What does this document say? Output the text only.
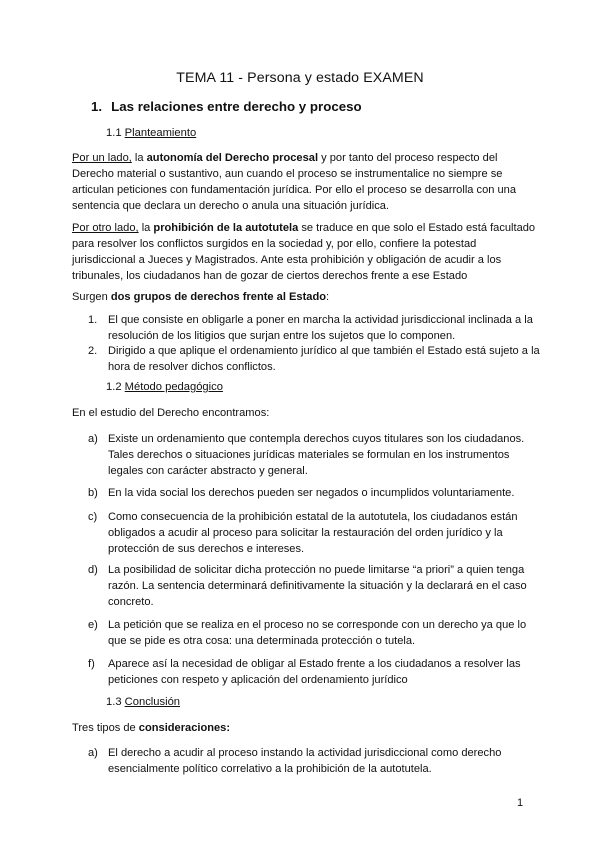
TEMA 11 - Persona y estado EXAMEN
1. Las relaciones entre derecho y proceso
1.1 Planteamiento
Por un lado, la autonomía del Derecho procesal y por tanto del proceso respecto del Derecho material o sustantivo, aun cuando el proceso se instrumentalice no siempre se articulan peticiones con fundamentación jurídica. Por ello el proceso se desarrolla con una sentencia que declara un derecho o anula una situación jurídica.
Por otro lado, la prohibición de la autotutela se traduce en que solo el Estado está facultado para resolver los conflictos surgidos en la sociedad y, por ello, confiere la potestad jurisdiccional a Jueces y Magistrados. Ante esta prohibición y obligación de acudir a los tribunales, los ciudadanos han de gozar de ciertos derechos frente a ese Estado
Surgen dos grupos de derechos frente al Estado:
1. El que consiste en obligarle a poner en marcha la actividad jurisdiccional inclinada a la resolución de los litigios que surjan entre los sujetos que lo componen.
2. Dirigido a que aplique el ordenamiento jurídico al que también el Estado está sujeto a la hora de resolver dichos conflictos.
1.2 Método pedagógico
En el estudio del Derecho encontramos:
a) Existe un ordenamiento que contempla derechos cuyos titulares son los ciudadanos. Tales derechos o situaciones jurídicas materiales se formulan en los instrumentos legales con carácter abstracto y general.
b) En la vida social los derechos pueden ser negados o incumplidos voluntariamente.
c) Como consecuencia de la prohibición estatal de la autotutela, los ciudadanos están obligados a acudir al proceso para solicitar la restauración del orden jurídico y la protección de sus derechos e intereses.
d) La posibilidad de solicitar dicha protección no puede limitarse “a priori” a quien tenga razón. La sentencia determinará definitivamente la situación y la declarará en el caso concreto.
e) La petición que se realiza en el proceso no se corresponde con un derecho ya que lo que se pide es otra cosa: una determinada protección o tutela.
f)	Aparece así la necesidad de obligar al Estado frente a los ciudadanos a resolver las peticiones con respeto y aplicación del ordenamiento jurídico
1.3 Conclusión
Tres tipos de consideraciones:
a) El derecho a acudir al proceso instando la actividad jurisdiccional como derecho esencialmente político correlativo a la prohibición de la autotutela.
1
